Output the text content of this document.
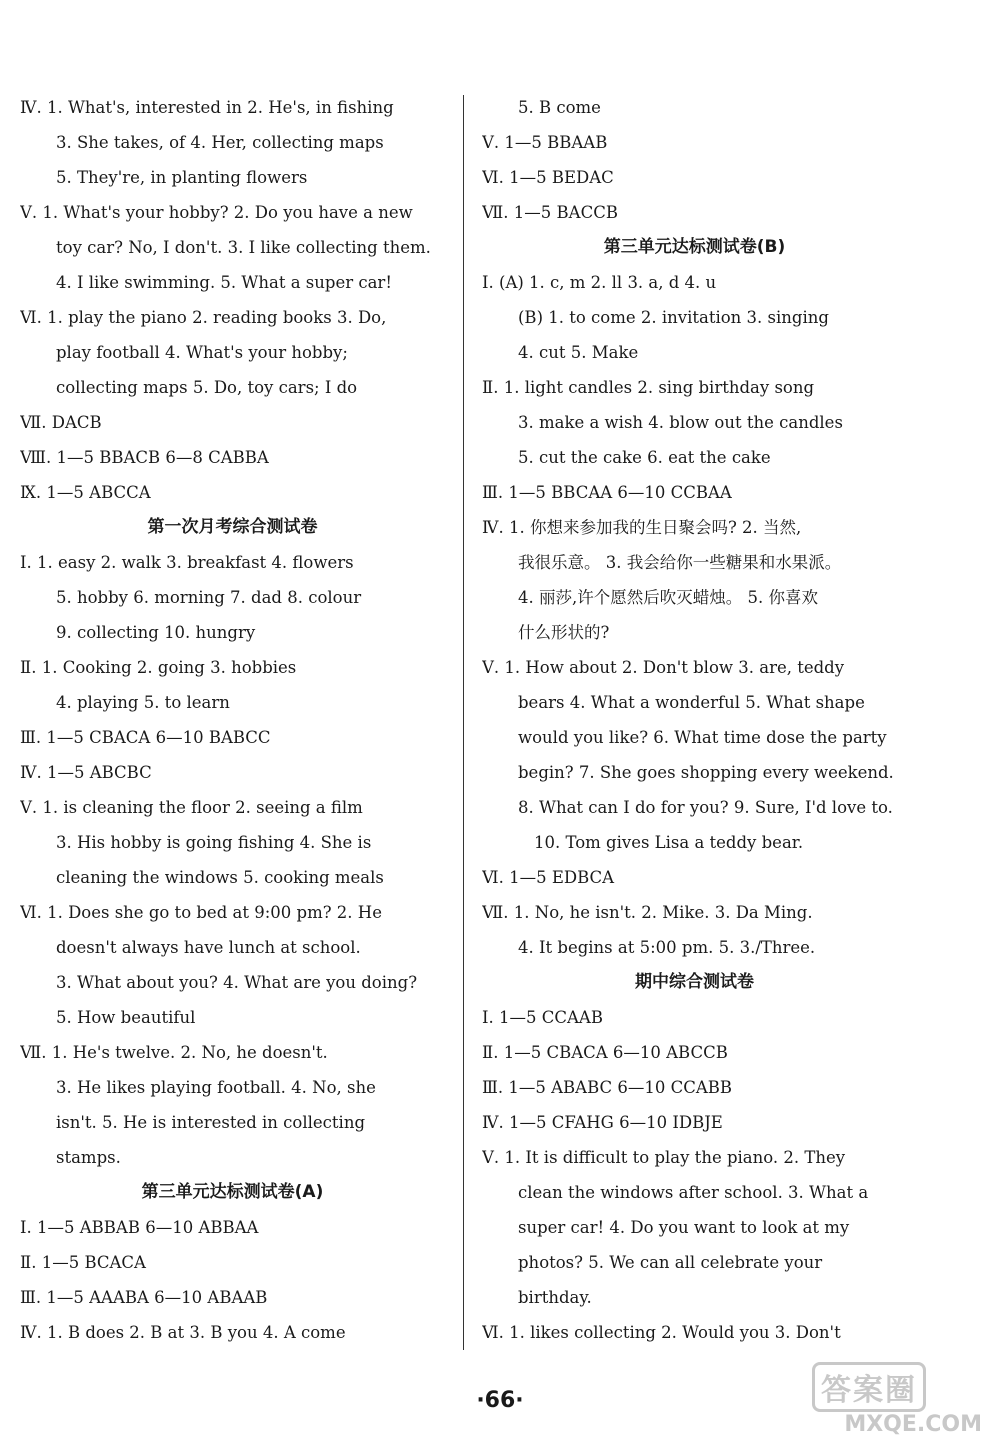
Ⅳ. 1. What's, interested in 2. He's, in fishing
3. She takes, of 4. Her, collecting maps
5. They're, in planting flowers
Ⅴ. 1. What's your hobby? 2. Do you have a new
toy car? No, I don't. 3. I like collecting them.
4. I like swimming. 5. What a super car!
Ⅵ. 1. play the piano 2. reading books 3. Do,
play football 4. What's your hobby;
collecting maps 5. Do, toy cars; I do
Ⅶ. DACB
Ⅷ. 1—5 BBACB 6—8 CABBA
Ⅸ. 1—5 ABCCA
第一次月考综合测试卷
Ⅰ. 1. easy 2. walk 3. breakfast 4. flowers
5. hobby 6. morning 7. dad 8. colour
9. collecting 10. hungry
Ⅱ. 1. Cooking 2. going 3. hobbies
4. playing 5. to learn
Ⅲ. 1—5 CBACA 6—10 BABCC
Ⅳ. 1—5 ABCBC
Ⅴ. 1. is cleaning the floor 2. seeing a film
3. His hobby is going fishing 4. She is
cleaning the windows 5. cooking meals
Ⅵ. 1. Does she go to bed at 9:00 pm? 2. He
doesn't always have lunch at school.
3. What about you? 4. What are you doing?
5. How beautiful
Ⅶ. 1. He's twelve. 2. No, he doesn't.
3. He likes playing football. 4. No, she
isn't. 5. He is interested in collecting
stamps.
第三单元达标测试卷(A)
Ⅰ. 1—5 ABBAB 6—10 ABBAA
Ⅱ. 1—5 BCACA
Ⅲ. 1—5 AAABA 6—10 ABAAB
Ⅳ. 1. B does 2. B at 3. B you 4. A come
5. B come
Ⅴ. 1—5 BBAAB
Ⅵ. 1—5 BEDAC
Ⅶ. 1—5 BACCB
第三单元达标测试卷(B)
Ⅰ. (A) 1. c, m 2. ll 3. a, d 4. u
(B) 1. to come 2. invitation 3. singing
4. cut 5. Make
Ⅱ. 1. light candles 2. sing birthday song
3. make a wish 4. blow out the candles
5. cut the cake 6. eat the cake
Ⅲ. 1—5 BBCAA 6—10 CCBAA
Ⅳ. 1. 你想来参加我的生日聚会吗? 2. 当然,
我很乐意。 3. 我会给你一些糖果和水果派。
4. 丽莎,许个愿然后吹灭蜡烛。 5. 你喜欢
什么形状的?
Ⅴ. 1. How about 2. Don't blow 3. are, teddy
bears 4. What a wonderful 5. What shape
would you like? 6. What time dose the party
begin? 7. She goes shopping every weekend.
8. What can I do for you? 9. Sure, I'd love to.
10. Tom gives Lisa a teddy bear.
Ⅵ. 1—5 EDBCA
Ⅶ. 1. No, he isn't. 2. Mike. 3. Da Ming.
4. It begins at 5:00 pm. 5. 3./Three.
期中综合测试卷
Ⅰ. 1—5 CCAAB
Ⅱ. 1—5 CBACA 6—10 ABCCB
Ⅲ. 1—5 ABABC 6—10 CCABB
Ⅳ. 1—5 CFAHG 6—10 IDBJE
Ⅴ. 1. It is difficult to play the piano. 2. They
clean the windows after school. 3. What a
super car! 4. Do you want to look at my
photos? 5. We can all celebrate your
birthday.
Ⅵ. 1. likes collecting 2. Would you 3. Don't
·66·	答案圈
MXQE.COM
